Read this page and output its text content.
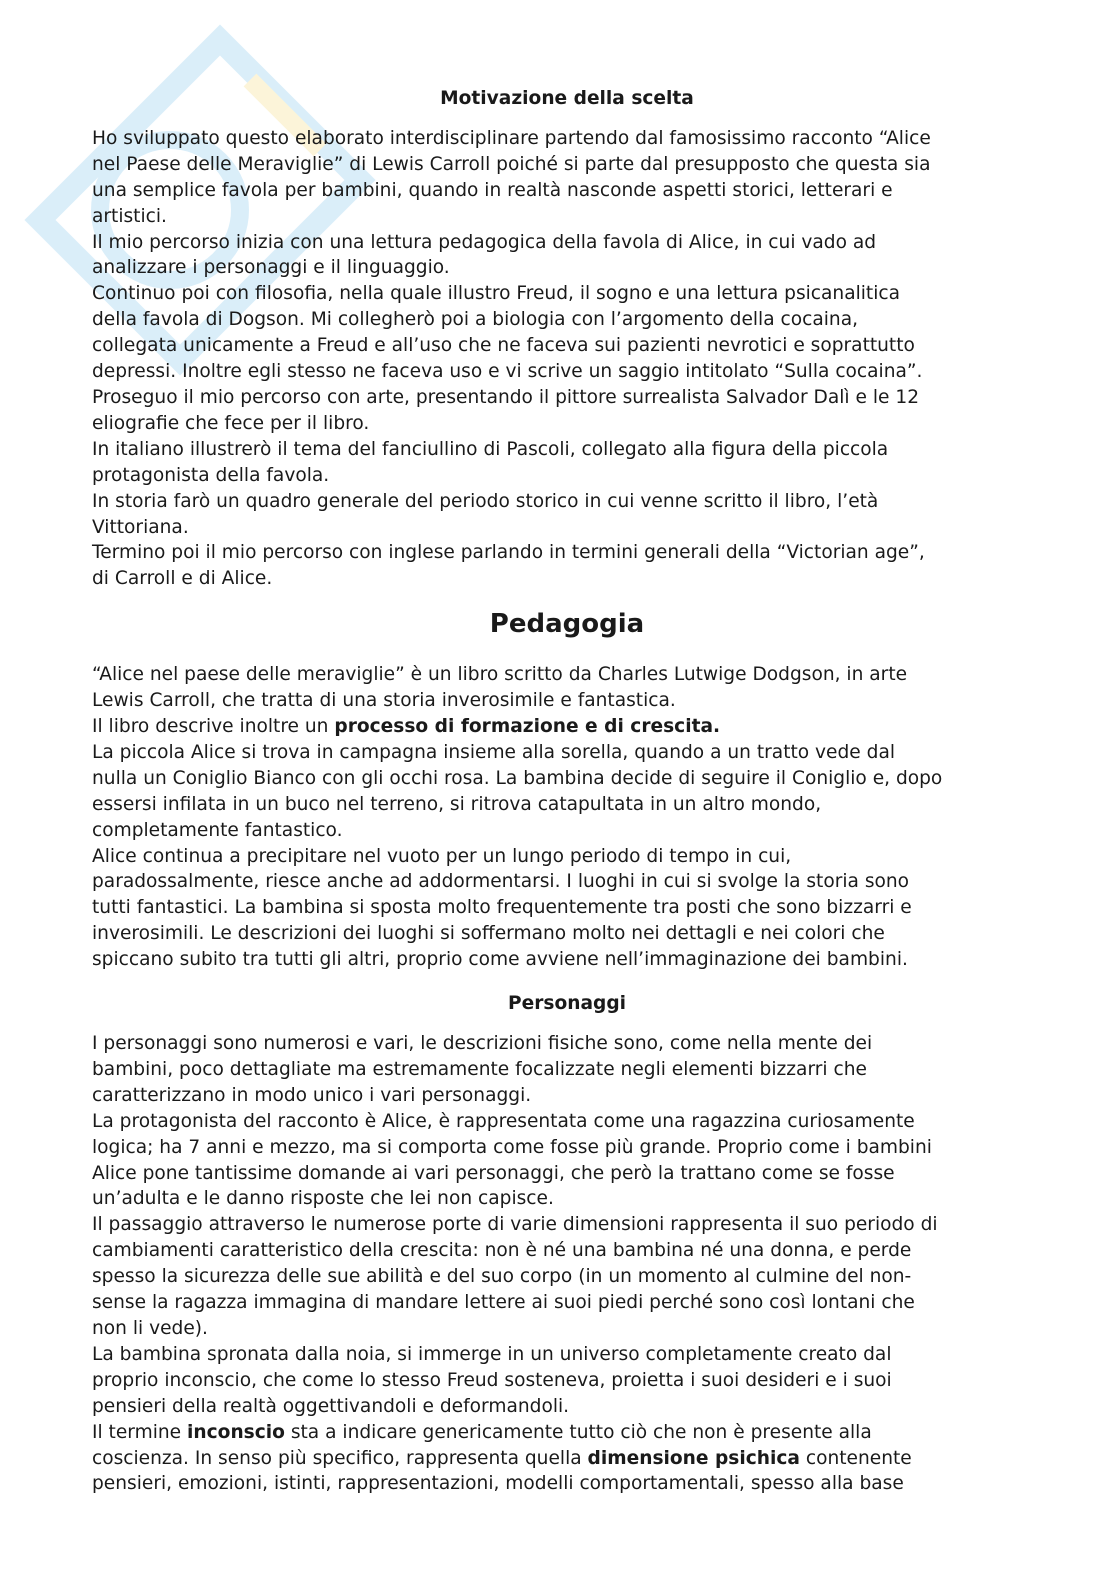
Motivazione della scelta

Ho sviluppato questo elaborato interdisciplinare partendo dal famosissimo racconto “Alice

nel Paese delle Meraviglie” di Lewis Carroll poiché si parte dal presupposto che questa sia

una semplice favola per bambini, quando in realtà nasconde aspetti storici, letterari e

artistici.

Il mio percorso inizia con una lettura pedagogica della favola di Alice, in cui vado ad

analizzare i personaggi e il linguaggio.

Continuo poi con filosofia, nella quale illustro Freud, il sogno e una lettura psicanalitica

della favola di Dogson. Mi collegherò poi a biologia con l’argomento della cocaina,

collegata unicamente a Freud e all’uso che ne faceva sui pazienti nevrotici e soprattutto

depressi. Inoltre egli stesso ne faceva uso e vi scrive un saggio intitolato “Sulla cocaina”.

Proseguo il mio percorso con arte, presentando il pittore surrealista Salvador Dalì e le 12

eliografie che fece per il libro.

In italiano illustrerò il tema del fanciullino di Pascoli, collegato alla figura della piccola

protagonista della favola.

In storia farò un quadro generale del periodo storico in cui venne scritto il libro, l’età

Vittoriana.

Termino poi il mio percorso con inglese parlando in termini generali della “Victorian age”,

di Carroll e di Alice.

Pedagogia

“Alice nel paese delle meraviglie” è un libro scritto da Charles Lutwige Dodgson, in arte

Lewis Carroll, che tratta di una storia inverosimile e fantastica.

Il libro descrive inoltre un processo di formazione e di crescita.

La piccola Alice si trova in campagna insieme alla sorella, quando a un tratto vede dal

nulla un Coniglio Bianco con gli occhi rosa. La bambina decide di seguire il Coniglio e, dopo

essersi infilata in un buco nel terreno, si ritrova catapultata in un altro mondo,

completamente fantastico.

Alice continua a precipitare nel vuoto per un lungo periodo di tempo in cui,

paradossalmente, riesce anche ad addormentarsi. I luoghi in cui si svolge la storia sono

tutti fantastici. La bambina si sposta molto frequentemente tra posti che sono bizzarri e

inverosimili. Le descrizioni dei luoghi si soffermano molto nei dettagli e nei colori che

spiccano subito tra tutti gli altri, proprio come avviene nell’immaginazione dei bambini.

Personaggi

I personaggi sono numerosi e vari, le descrizioni fisiche sono, come nella mente dei

bambini, poco dettagliate ma estremamente focalizzate negli elementi bizzarri che

caratterizzano in modo unico i vari personaggi.

La protagonista del racconto è Alice, è rappresentata come una ragazzina curiosamente

logica; ha 7 anni e mezzo, ma si comporta come fosse più grande. Proprio come i bambini

Alice pone tantissime domande ai vari personaggi, che però la trattano come se fosse

un’adulta e le danno risposte che lei non capisce.

Il passaggio attraverso le numerose porte di varie dimensioni rappresenta il suo periodo di

cambiamenti caratteristico della crescita: non è né una bambina né una donna, e perde

spesso la sicurezza delle sue abilità e del suo corpo (in un momento al culmine del non-

sense la ragazza immagina di mandare lettere ai suoi piedi perché sono così lontani che

non li vede).

La bambina spronata dalla noia, si immerge in un universo completamente creato dal

proprio inconscio, che come lo stesso Freud sosteneva, proietta i suoi desideri e i suoi

pensieri della realtà oggettivandoli e deformandoli.

Il termine inconscio sta a indicare genericamente tutto ciò che non è presente alla

coscienza. In senso più specifico, rappresenta quella dimensione psichica contenente

pensieri, emozioni, istinti, rappresentazioni, modelli comportamentali, spesso alla base
